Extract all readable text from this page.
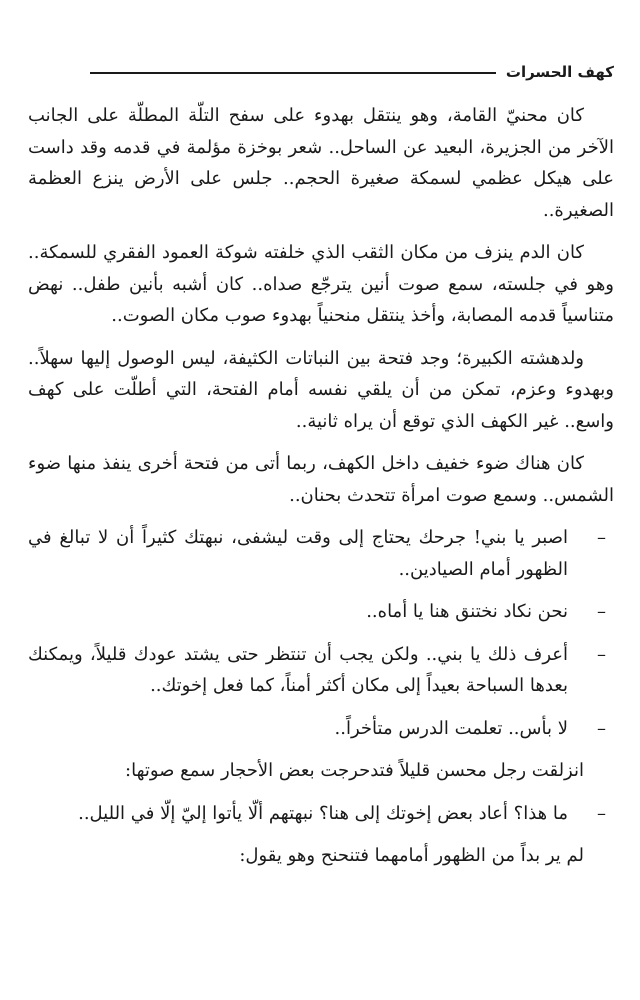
كهف الحسرات

كان محنيّ القامة، وهو ينتقل بهدوء على سفح التلّة المطلّة على الجانب الآخر من الجزيرة، البعيد عن الساحل.. شعر بوخزة مؤلمة في قدمه وقد داست على هيكل عظمي لسمكة صغيرة الحجم.. جلس على الأرض ينزع العظمة الصغيرة..

كان الدم ينزف من مكان الثقب الذي خلفته شوكة العمود الفقري للسمكة.. وهو في جلسته، سمع صوت أنين يترجّع صداه.. كان أشبه بأنين طفل.. نهض متناسياً قدمه المصابة، وأخذ ينتقل منحنياً بهدوء صوب مكان الصوت..

ولدهشته الكبيرة؛ وجد فتحة بين النباتات الكثيفة، ليس الوصول إليها سهلاً.. وبهدوء وعزم، تمكن من أن يلقي نفسه أمام الفتحة، التي أطلّت على كهف واسع.. غير الكهف الذي توقع أن يراه ثانية..

كان هناك ضوء خفيف داخل الكهف، ربما أتى من فتحة أخرى ينفذ منها ضوء الشمس.. وسمع صوت امرأة تتحدث بحنان..

–
اصبر يا بني! جرحك يحتاج إلى وقت ليشفى، نبهتك كثيراً أن لا تبالغ في الظهور أمام الصيادين..

–
نحن نكاد نختنق هنا يا أماه..

–
أعرف ذلك يا بني.. ولكن يجب أن تنتظر حتى يشتد عودك قليلاً، ويمكنك بعدها السباحة بعيداً إلى مكان أكثر أمناً، كما فعل إخوتك..

–
لا بأس.. تعلمت الدرس متأخراً..

انزلقت رجل محسن قليلاً فتدحرجت بعض الأحجار سمع صوتها:

–
ما هذا؟ أعاد بعض إخوتك إلى هنا؟ نبهتهم ألّا يأتوا إليّ إلّا في الليل..

لم ير بداً من الظهور أمامهما فتنحنح وهو يقول:
